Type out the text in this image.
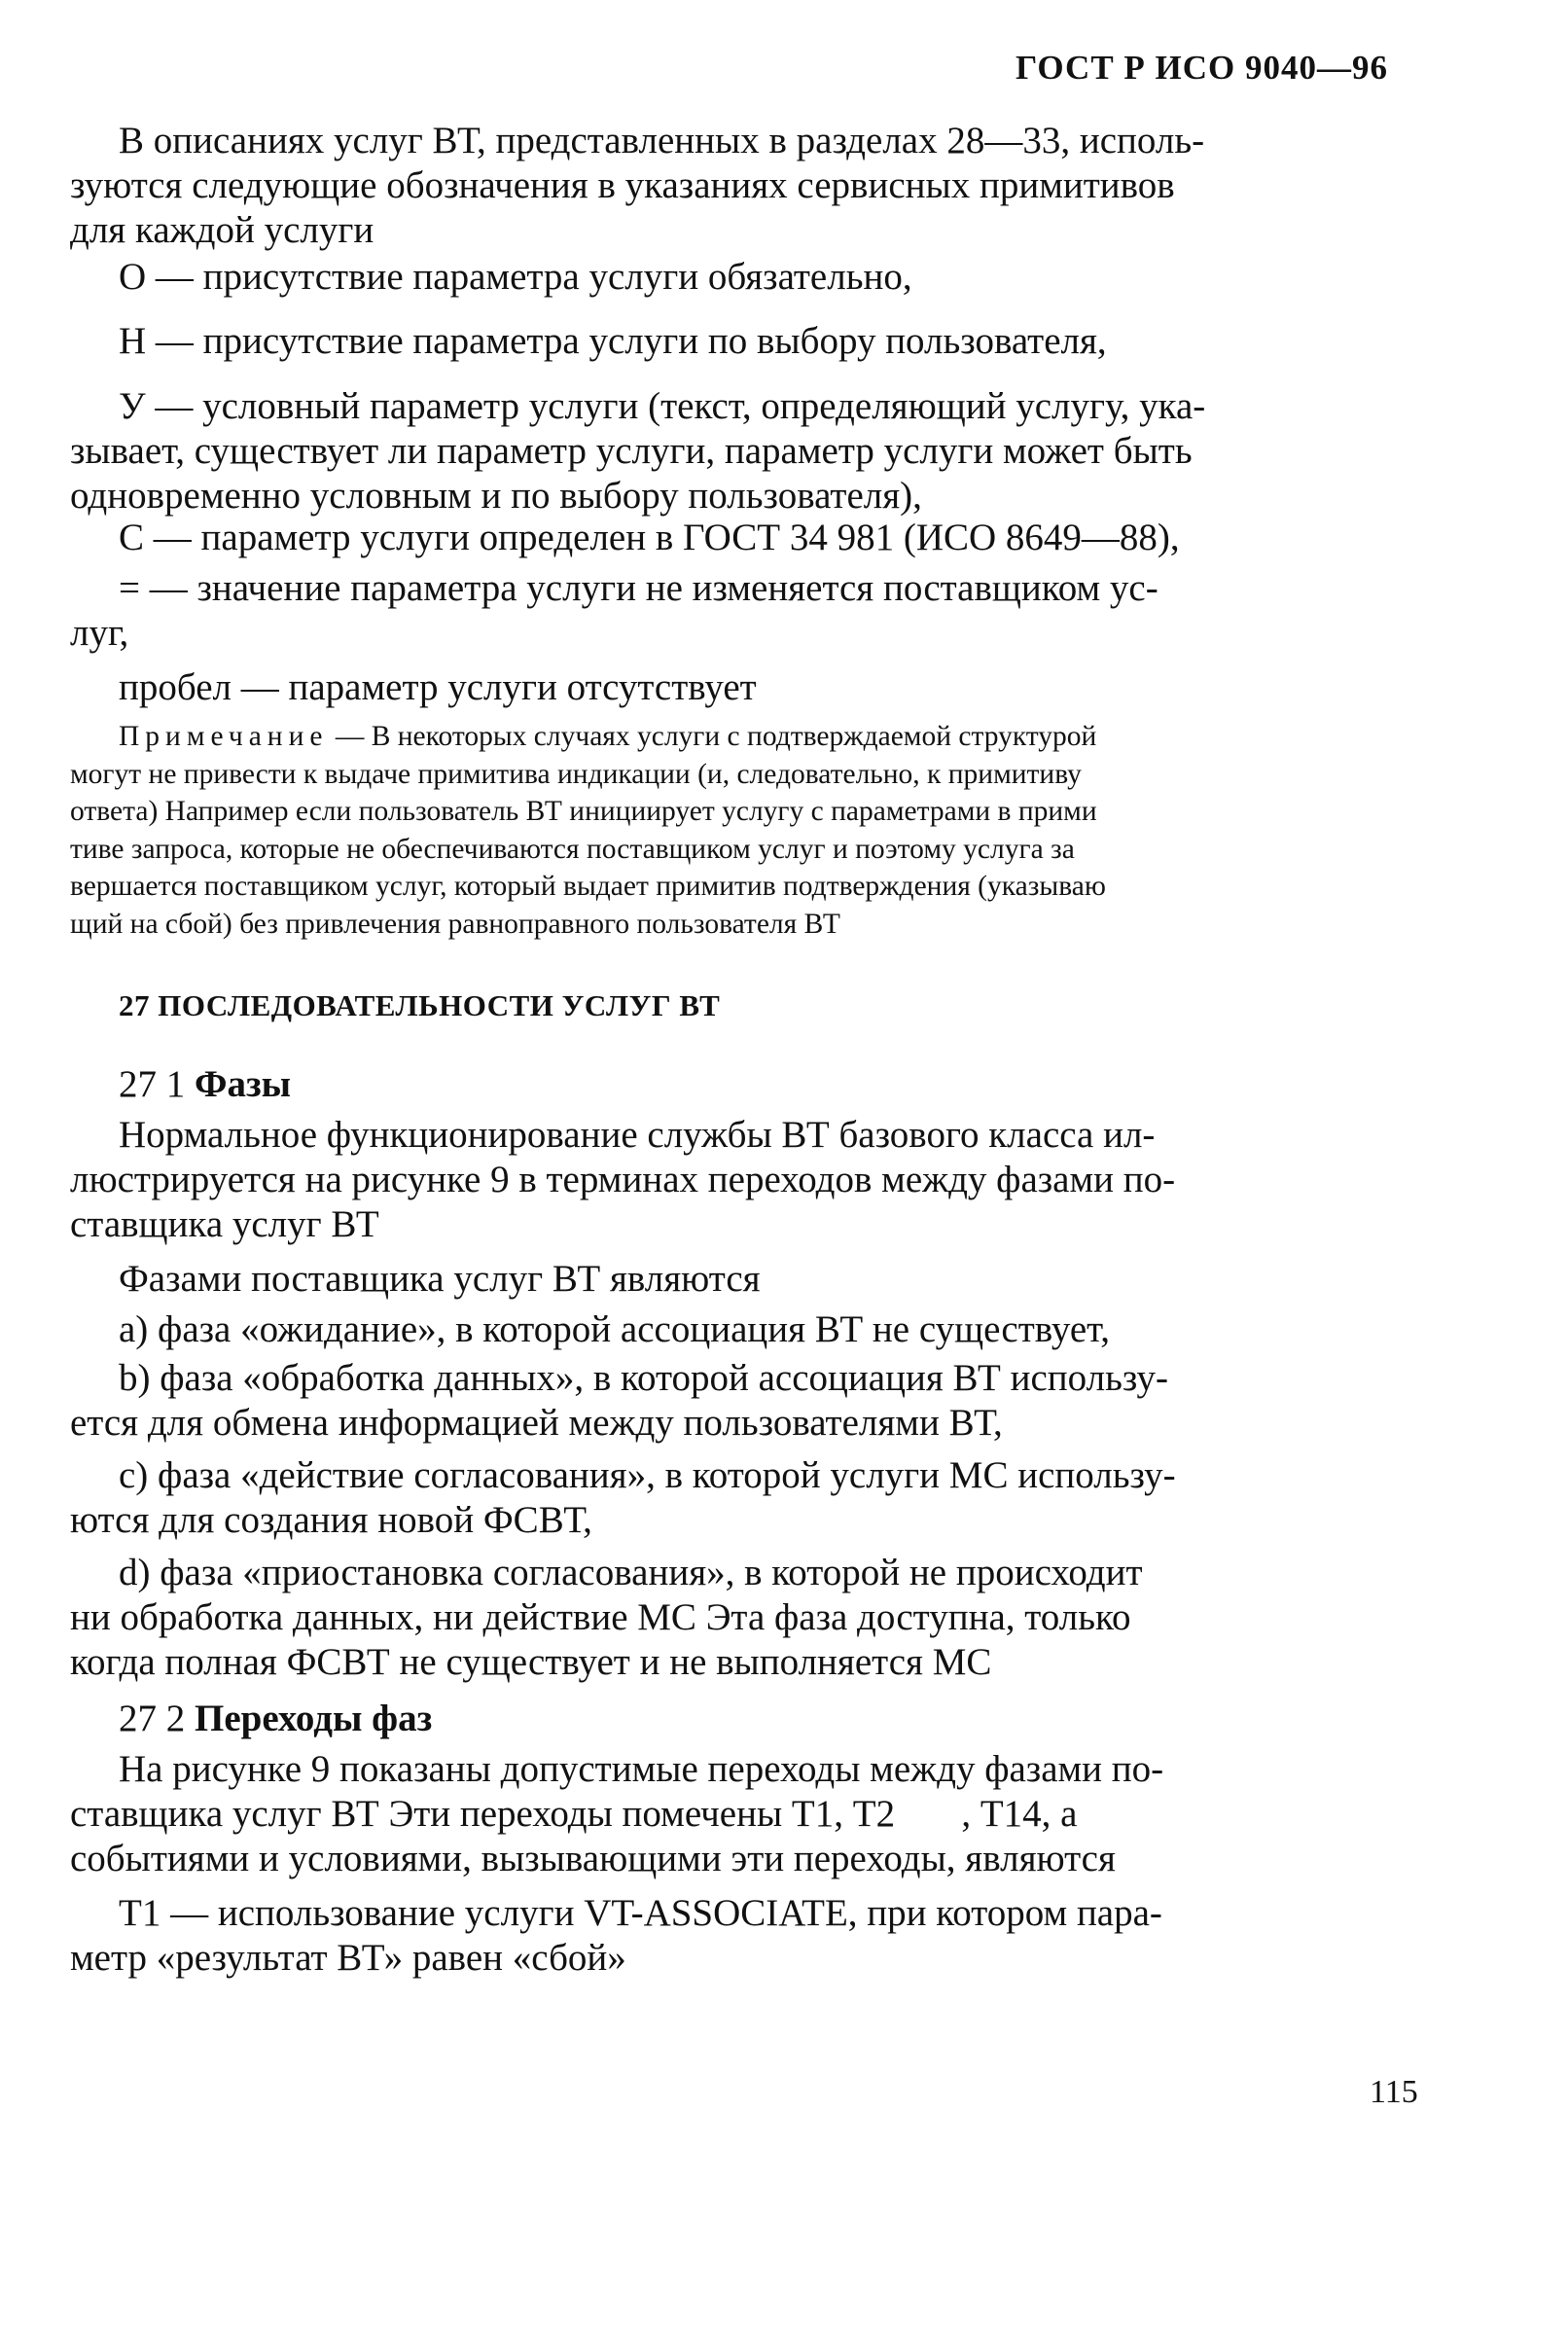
ГОСТ Р ИСО 9040—96
В описаниях услуг ВТ, представленных в разделах 28—33, исполь-
зуются следующие обозначения в указаниях сервисных примитивов
для каждой услуги
О — присутствие параметра услуги обязательно,
Н — присутствие параметра услуги по выбору пользователя,
У — условный параметр услуги (текст, определяющий услугу, ука-
зывает, существует ли параметр услуги, параметр услуги может быть
одновременно условным и по выбору пользователя),
С — параметр услуги определен в ГОСТ 34 981 (ИСО 8649—88),
= — значение параметра услуги не изменяется поставщиком ус-
луг,
пробел — параметр услуги отсутствует
Примечание — В некоторых случаях услуги с подтверждаемой структурой
могут не привести к выдаче примитива индикации (и, следовательно, к примитиву
ответа) Например если пользователь ВТ инициирует услугу с параметрами в прими
тиве запроса, которые не обеспечиваются поставщиком услуг и поэтому услуга за
вершается поставщиком услуг, который выдает примитив подтверждения (указываю
щий на сбой) без привлечения равноправного пользователя ВТ
27 ПОСЛЕДОВАТЕЛЬНОСТИ УСЛУГ ВТ
27 1 Фазы
Нормальное функционирование службы ВТ базового класса ил-
люстрируется на рисунке 9 в терминах переходов между фазами по-
ставщика услуг ВТ
Фазами поставщика услуг ВТ являются
а) фаза «ожидание», в которой ассоциация ВТ не существует,
b) фаза «обработка данных», в которой ассоциация ВТ использу-
ется для обмена информацией между пользователями ВТ,
с) фаза «действие согласования», в которой услуги МС использу-
ются для создания новой ФСВТ,
d) фаза «приостановка согласования», в которой не происходит
ни обработка данных, ни действие МС Эта фаза доступна, только
когда полная ФСВТ не существует и не выполняется МС
27 2 Переходы фаз
На рисунке 9 показаны допустимые переходы между фазами по-
ставщика услуг ВТ Эти переходы помечены Т1, Т2       , Т14, а
событиями и условиями, вызывающими эти переходы, являются
Т1 — использование услуги VT-ASSOCIATE, при котором пара-
метр «результат ВТ» равен «сбой»
115
